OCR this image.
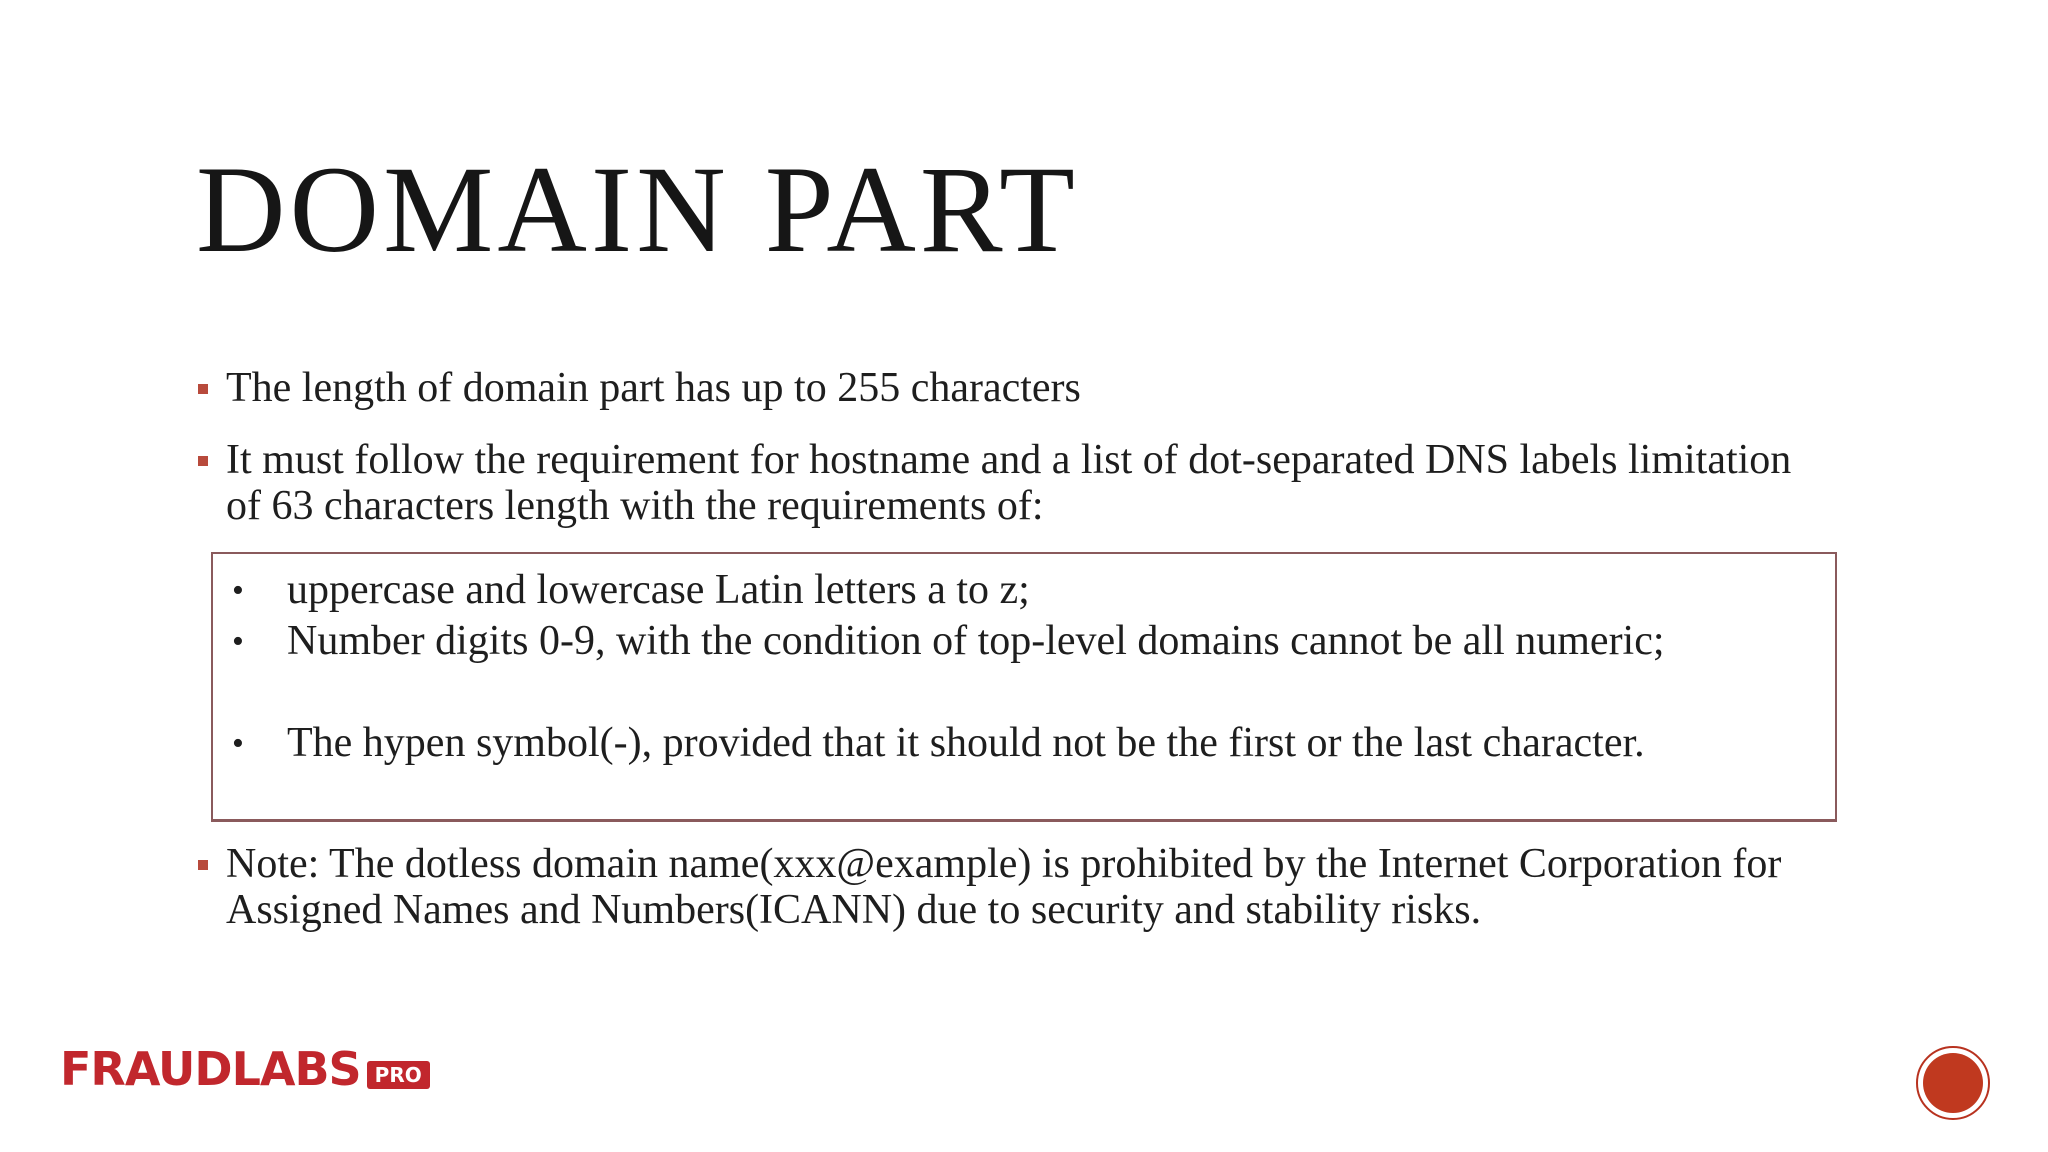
DOMAIN PART
The length of domain part has up to 255 characters
It must follow the requirement for hostname and a list of dot-separated DNS labels limitation of 63 characters length with the requirements of:
• uppercase and lowercase Latin letters a to z;
• Number digits 0-9, with the condition of top-level domains cannot be all numeric;
• The hypen symbol(-), provided that it should not be the first or the last character.
Note: The dotless domain name(xxx@example) is prohibited by the Internet Corporation for Assigned Names and Numbers(ICANN) due to security and stability risks.
FRAUDLABS PRO
